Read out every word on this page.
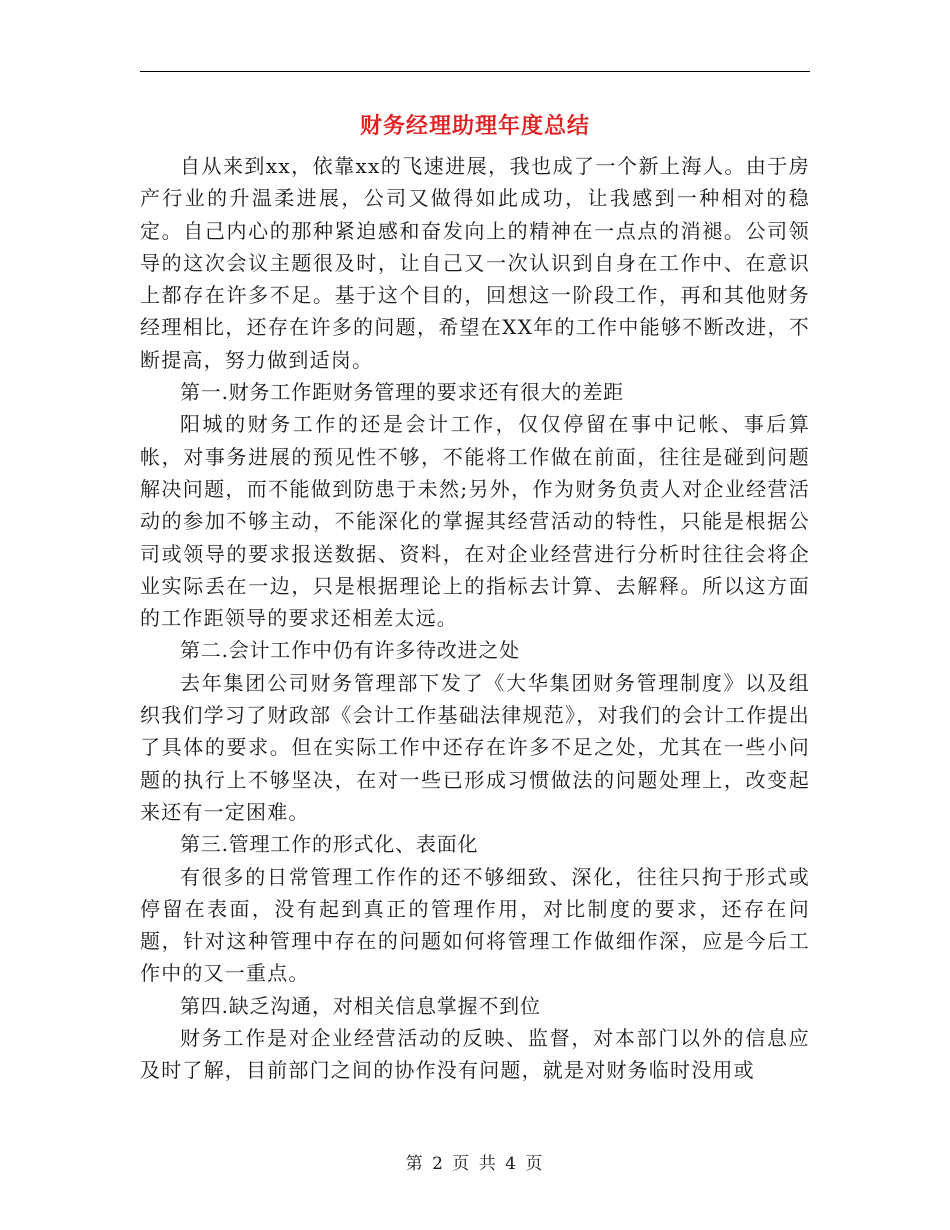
财务经理助理年度总结

自从来到xx，依靠xx的飞速进展，我也成了一个新上海人。由于房产行业的升温柔进展，公司又做得如此成功，让我感到一种相对的稳定。自己内心的那种紧迫感和奋发向上的精神在一点点的消褪。公司领导的这次会议主题很及时，让自己又一次认识到自身在工作中、在意识上都存在许多不足。基于这个目的，回想这一阶段工作，再和其他财务经理相比，还存在许多的问题，希望在XX年的工作中能够不断改进，不断提高，努力做到适岗。

第一.财务工作距财务管理的要求还有很大的差距

阳城的财务工作的还是会计工作，仅仅停留在事中记帐、事后算帐，对事务进展的预见性不够，不能将工作做在前面，往往是碰到问题解决问题，而不能做到防患于未然;另外，作为财务负责人对企业经营活动的参加不够主动，不能深化的掌握其经营活动的特性，只能是根据公司或领导的要求报送数据、资料，在对企业经营进行分析时往往会将企业实际丢在一边，只是根据理论上的指标去计算、去解释。所以这方面的工作距领导的要求还相差太远。

第二.会计工作中仍有许多待改进之处

去年集团公司财务管理部下发了《大华集团财务管理制度》以及组织我们学习了财政部《会计工作基础法律规范》，对我们的会计工作提出了具体的要求。但在实际工作中还存在许多不足之处，尤其在一些小问题的执行上不够坚决，在对一些已形成习惯做法的问题处理上，改变起来还有一定困难。

第三.管理工作的形式化、表面化

有很多的日常管理工作作的还不够细致、深化，往往只拘于形式或停留在表面，没有起到真正的管理作用，对比制度的要求，还存在问题，针对这种管理中存在的问题如何将管理工作做细作深，应是今后工作中的又一重点。

第四.缺乏沟通，对相关信息掌握不到位

财务工作是对企业经营活动的反映、监督，对本部门以外的信息应及时了解，目前部门之间的协作没有问题，就是对财务临时没用或

第 2 页 共 4 页
